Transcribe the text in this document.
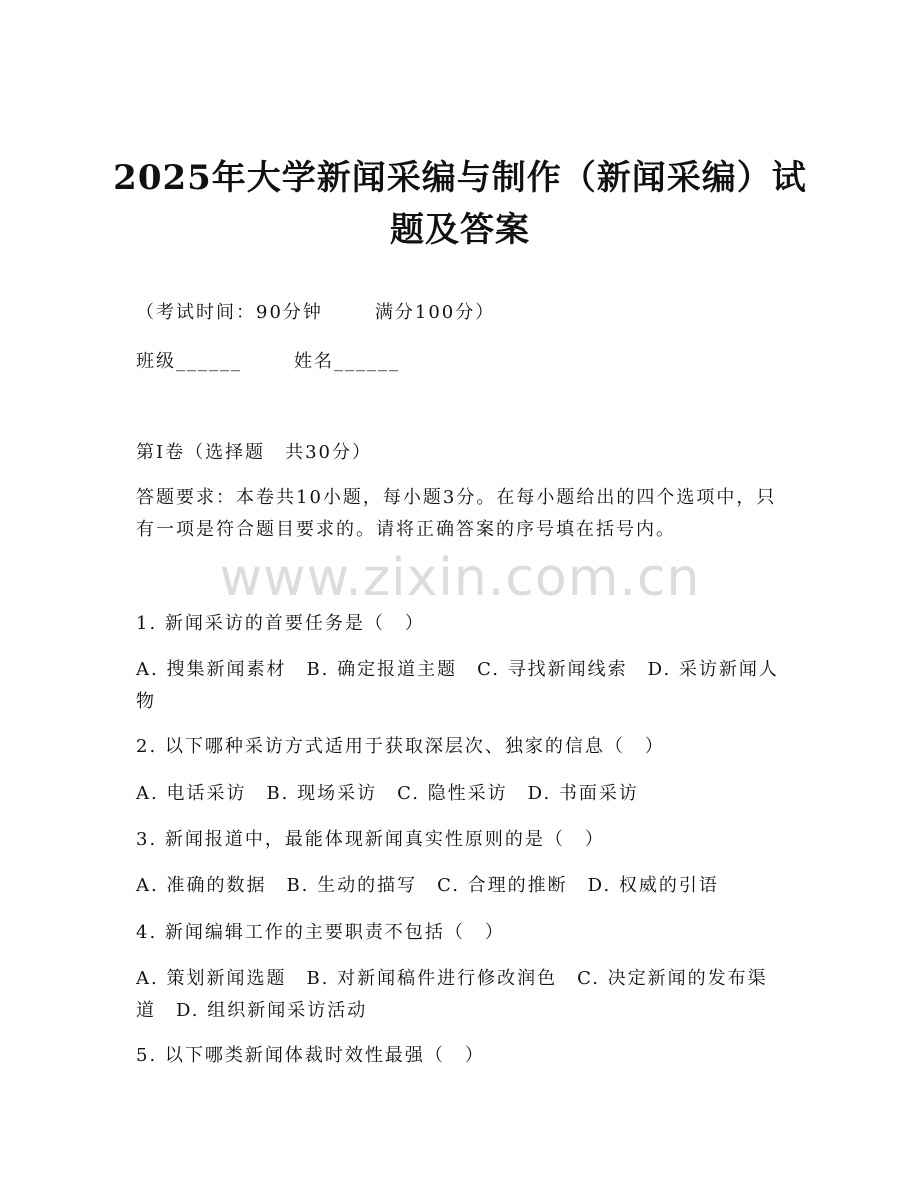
2025年大学新闻采编与制作（新闻采编）试
题及答案
（考试时间：90分钟	满分100分）
班级______	姓名______
第Ⅰ卷（选择题　共30分）
答题要求：本卷共10小题，每小题3分。在每小题给出的四个选项中，只有一项是符合题目要求的。请将正确答案的序号填在括号内。
www.zixin.com.cn
1. 新闻采访的首要任务是（　）
A. 搜集新闻素材　B. 确定报道主题　C. 寻找新闻线索　D. 采访新闻人物
2. 以下哪种采访方式适用于获取深层次、独家的信息（　）
A. 电话采访　B. 现场采访　C. 隐性采访　D. 书面采访
3. 新闻报道中，最能体现新闻真实性原则的是（　）
A. 准确的数据　B. 生动的描写　C. 合理的推断　D. 权威的引语
4. 新闻编辑工作的主要职责不包括（　）
A. 策划新闻选题　B. 对新闻稿件进行修改润色　C. 决定新闻的发布渠道　D. 组织新闻采访活动
5. 以下哪类新闻体裁时效性最强（　）
